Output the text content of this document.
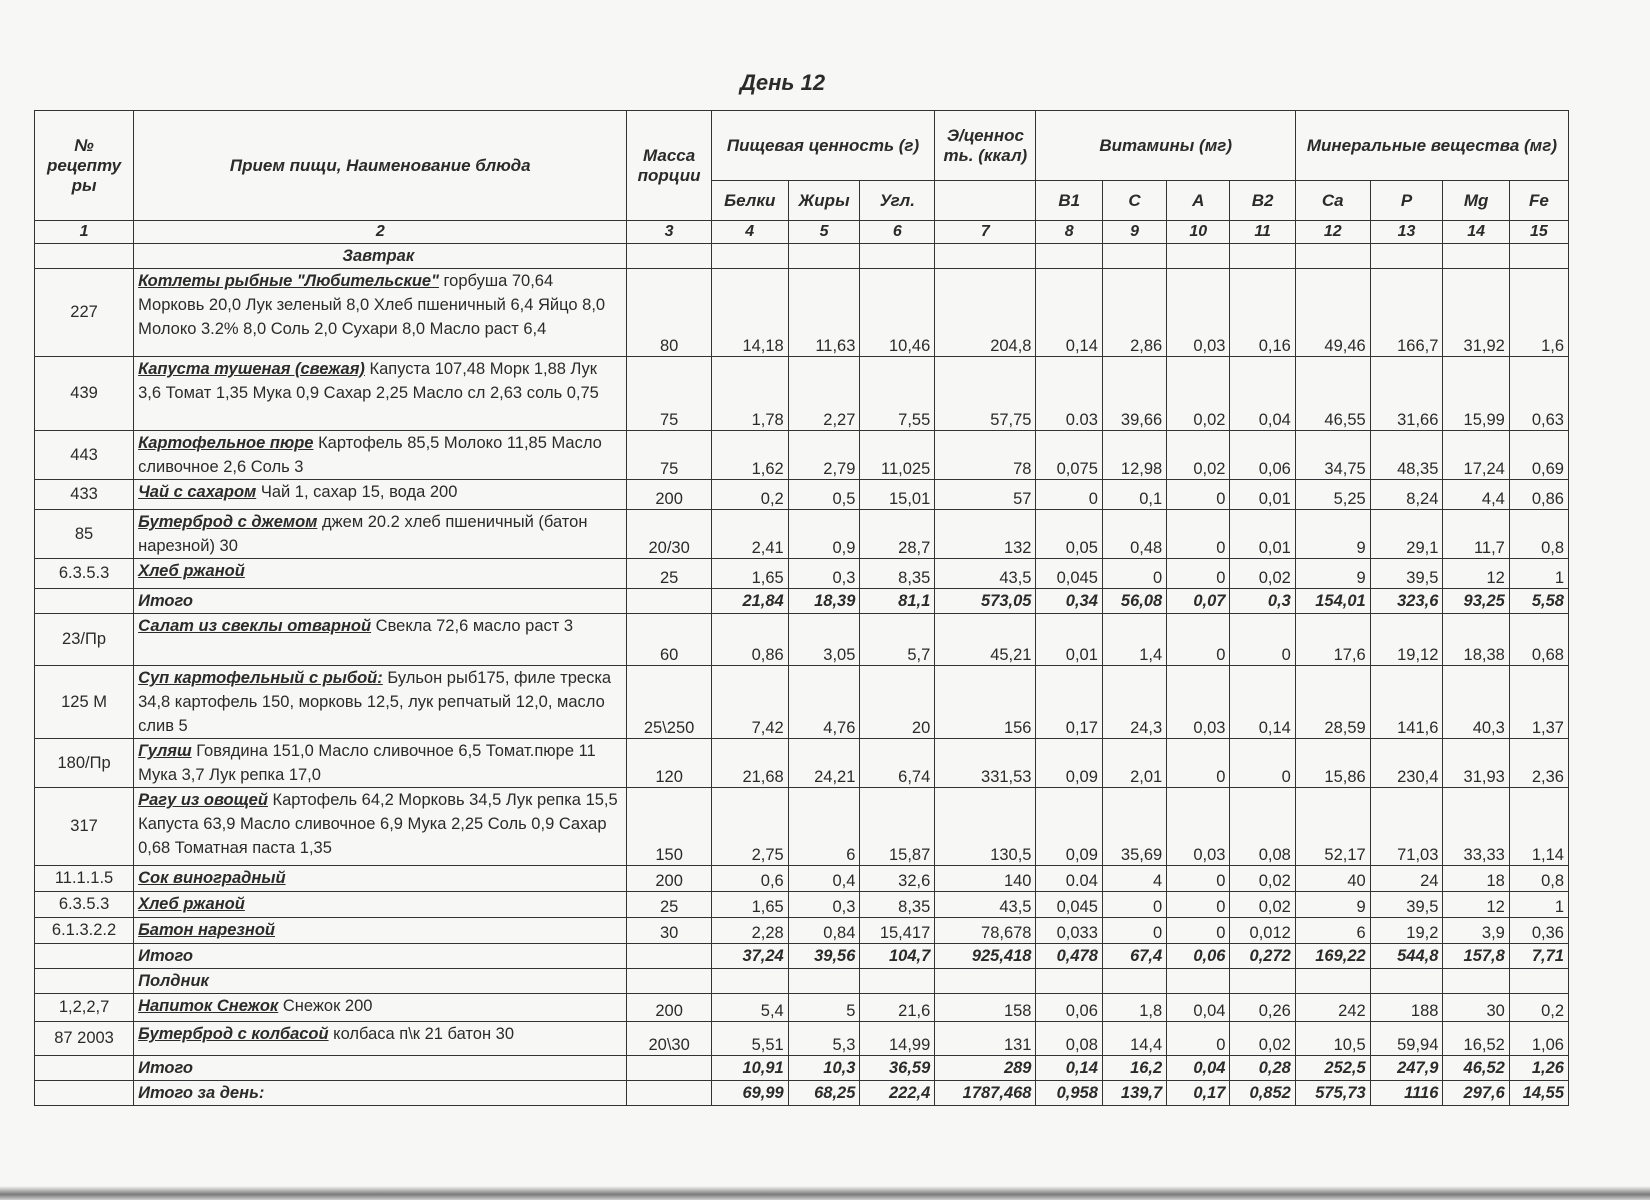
День 12
№ рецепту ры	Прием пищи, Наименование блюда	Масса порции	Пищевая ценность (г)			Э/ценнос ть. (ккал)	Витамины (мг)				Минеральные вещества (мг)			
			Белки	Жиры	Угл.		В1	С	А	В2	Ca	P	Mg	Fe
1	2	3	4	5	6	7	8	9	10	11	12	13	14	15
	Завтрак													
227	Котлеты рыбные "Любительские" горбуша 70,64 Морковь 20,0 Лук зеленый 8,0 Хлеб пшеничный 6,4 Яйцо 8,0 Молоко 3.2% 8,0 Соль 2,0 Сухари 8,0 Масло раст 6,4	80	14,18	11,63	10,46	204,8	0,14	2,86	0,03	0,16	49,46	166,7	31,92	1,6
439	Капуста тушеная (свежая) Капуста 107,48 Морк 1,88 Лук 3,6 Томат 1,35 Мука 0,9 Сахар 2,25 Масло сл 2,63 соль 0,75	75	1,78	2,27	7,55	57,75	0.03	39,66	0,02	0,04	46,55	31,66	15,99	0,63
443	Картофельное пюре Картофель 85,5 Молоко 11,85 Масло сливочное 2,6 Соль 3	75	1,62	2,79	11,025	78	0,075	12,98	0,02	0,06	34,75	48,35	17,24	0,69
433	Чай с сахаром Чай 1, сахар 15, вода 200	200	0,2	0,5	15,01	57	0	0,1	0	0,01	5,25	8,24	4,4	0,86
85	Бутерброд с джемом джем 20.2 хлеб пшеничный (батон нарезной) 30	20/30	2,41	0,9	28,7	132	0,05	0,48	0	0,01	9	29,1	11,7	0,8
6.3.5.3	Хлеб ржаной	25	1,65	0,3	8,35	43,5	0,045	0	0	0,02	9	39,5	12	1
	Итого		21,84	18,39	81,1	573,05	0,34	56,08	0,07	0,3	154,01	323,6	93,25	5,58
23/Пр	Салат из свеклы отварной Свекла 72,6 масло раст 3	60	0,86	3,05	5,7	45,21	0,01	1,4	0	0	17,6	19,12	18,38	0,68
125 М	Суп картофельный с рыбой: Бульон рыб175, филе треска 34,8 картофель 150, морковь 12,5, лук репчатый 12,0, масло слив 5	25\250	7,42	4,76	20	156	0,17	24,3	0,03	0,14	28,59	141,6	40,3	1,37
180/Пр	Гуляш Говядина 151,0 Масло сливочное 6,5 Томат.пюре 11 Мука 3,7 Лук репка 17,0	120	21,68	24,21	6,74	331,53	0,09	2,01	0	0	15,86	230,4	31,93	2,36
317	Рагу из овощей Картофель 64,2 Морковь 34,5 Лук репка 15,5 Капуста 63,9 Масло сливочное 6,9 Мука 2,25 Соль 0,9 Сахар 0,68 Томатная паста 1,35	150	2,75	6	15,87	130,5	0,09	35,69	0,03	0,08	52,17	71,03	33,33	1,14
11.1.1.5	Сок виноградный	200	0,6	0,4	32,6	140	0.04	4	0	0,02	40	24	18	0,8
6.3.5.3	Хлеб ржаной	25	1,65	0,3	8,35	43,5	0,045	0	0	0,02	9	39,5	12	1
6.1.3.2.2	Батон нарезной	30	2,28	0,84	15,417	78,678	0,033	0	0	0,012	6	19,2	3,9	0,36
	Итого		37,24	39,56	104,7	925,418	0,478	67,4	0,06	0,272	169,22	544,8	157,8	7,71
	Полдник													
1,2,2,7	Напиток Снежок Снежок 200	200	5,4	5	21,6	158	0,06	1,8	0,04	0,26	242	188	30	0,2
87 2003	Бутерброд с колбасой колбаса п\к 21 батон 30	20\30	5,51	5,3	14,99	131	0,08	14,4	0	0,02	10,5	59,94	16,52	1,06
	Итого		10,91	10,3	36,59	289	0,14	16,2	0,04	0,28	252,5	247,9	46,52	1,26
	Итого за день:		69,99	68,25	222,4	1787,468	0,958	139,7	0,17	0,852	575,73	1116	297,6	14,55
